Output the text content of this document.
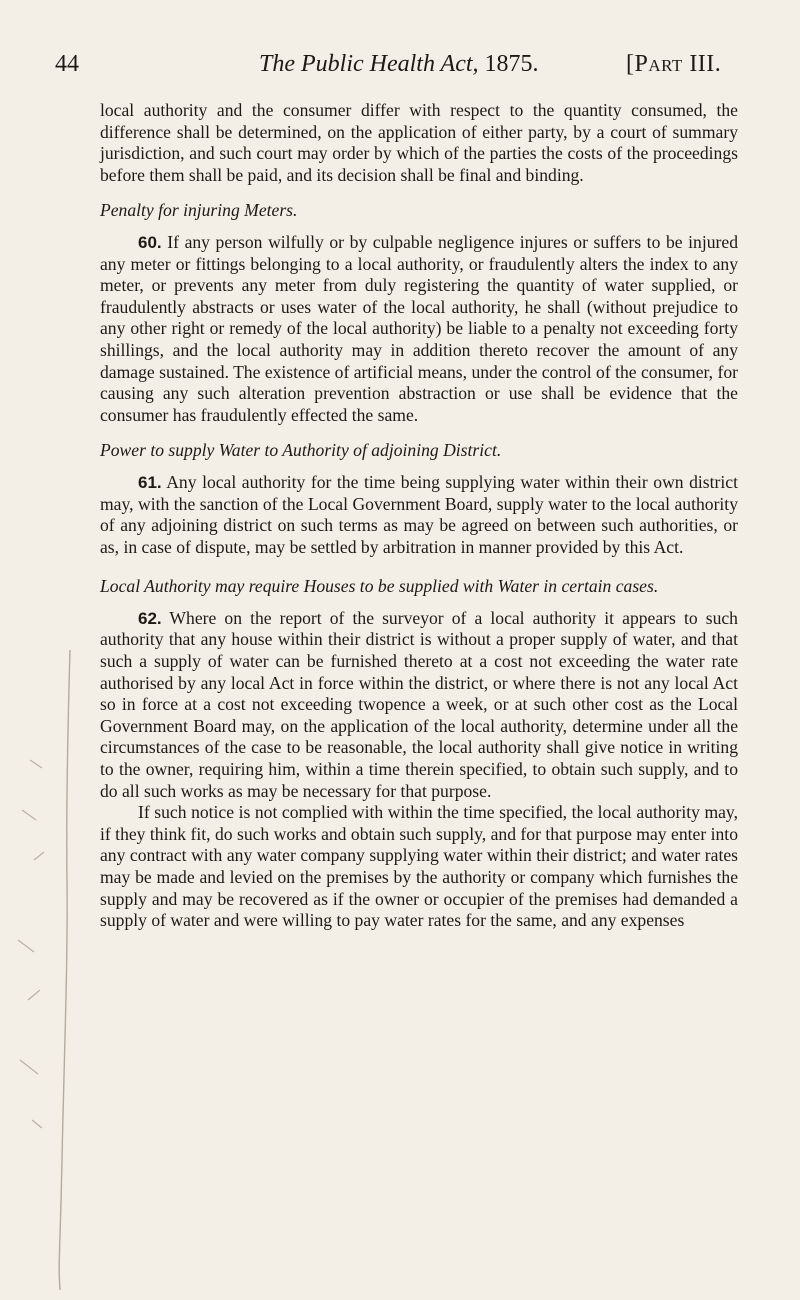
44	The Public Health Act, 1875.	[Part III.

local authority and the consumer differ with respect to the quantity consumed, the difference shall be determined, on the application of either party, by a court of summary jurisdiction, and such court may order by which of the parties the costs of the proceedings before them shall be paid, and its decision shall be final and binding.

Penalty for injuring Meters.

60. If any person wilfully or by culpable negligence injures or suffers to be injured any meter or fittings belonging to a local authority, or fraudulently alters the index to any meter, or prevents any meter from duly registering the quantity of water supplied, or fraudulently abstracts or uses water of the local authority, he shall (without prejudice to any other right or remedy of the local authority) be liable to a penalty not exceeding forty shillings, and the local authority may in addition thereto recover the amount of any damage sustained. The existence of artificial means, under the control of the consumer, for causing any such alteration prevention abstraction or use shall be evidence that the consumer has fraudulently effected the same.

Power to supply Water to Authority of adjoining District.

61. Any local authority for the time being supplying water within their own district may, with the sanction of the Local Government Board, supply water to the local authority of any adjoining district on such terms as may be agreed on between such authorities, or as, in case of dispute, may be settled by arbitration in manner provided by this Act.

Local Authority may require Houses to be supplied with Water in certain cases.

62. Where on the report of the surveyor of a local authority it appears to such authority that any house within their district is without a proper supply of water, and that such a supply of water can be furnished thereto at a cost not exceeding the water rate authorised by any local Act in force within the district, or where there is not any local Act so in force at a cost not exceeding twopence a week, or at such other cost as the Local Government Board may, on the application of the local authority, determine under all the circumstances of the case to be reasonable, the local authority shall give notice in writing to the owner, requiring him, within a time therein specified, to obtain such supply, and to do all such works as may be necessary for that purpose.

If such notice is not complied with within the time specified, the local authority may, if they think fit, do such works and obtain such supply, and for that purpose may enter into any contract with any water company supplying water within their district; and water rates may be made and levied on the premises by the authority or company which furnishes the supply and may be recovered as if the owner or occupier of the premises had demanded a supply of water and were willing to pay water rates for the same, and any expenses
